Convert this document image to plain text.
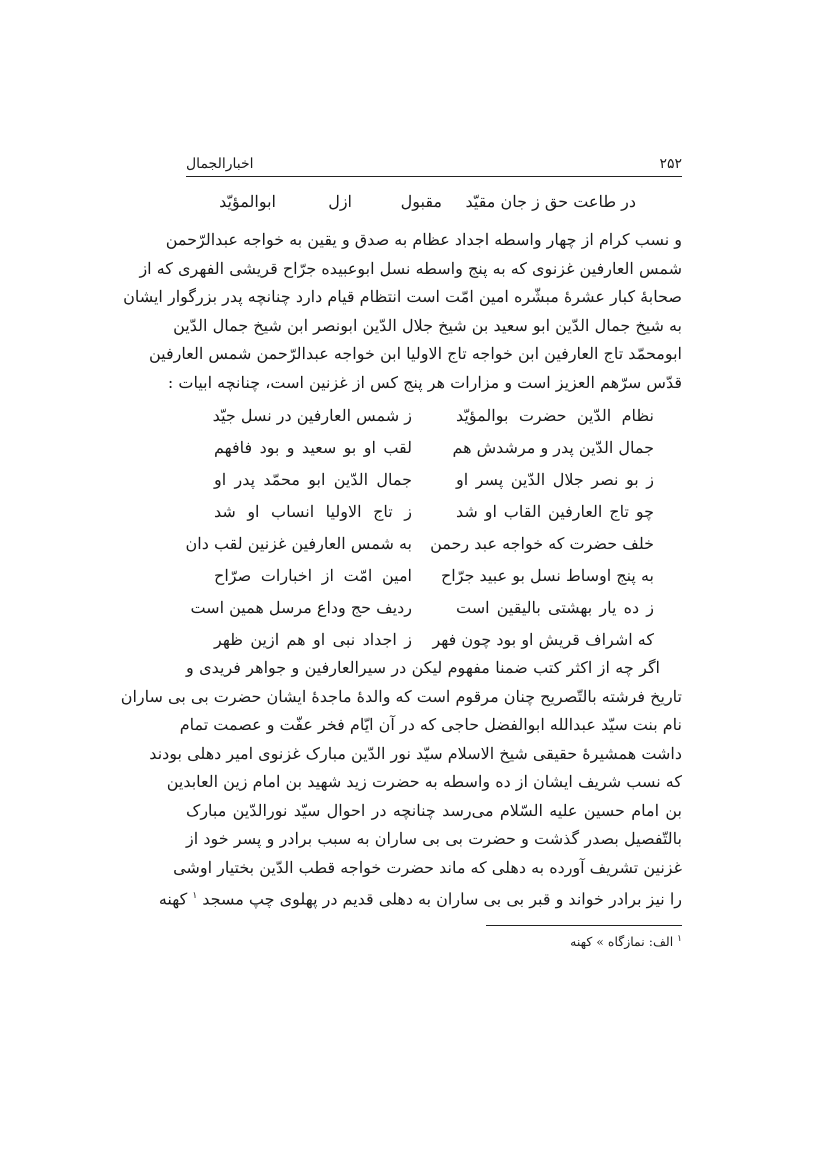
۲۵۲
اخبارالجمال
در طاعت حق ز جان مقیّد
مقبول
ازل
ابوالمؤیّد
و نسب کرام از چهار واسطه اجداد عظام به صدق و یقین به خواجه عبدالرّحمن
شمس العارفین غزنوی که به پنج واسطه نسل ابوعبیده جرّاح قریشی الفهری که از
صحابهٔ کبار عشرهٔ مبشّره امین امّت است انتظام قیام دارد چنانچه پدر بزرگوار ایشان
به شیخ جمال الدّین ابو سعید بن شیخ جلال الدّین ابونصر ابن شیخ جمال الدّین
ابومحمّد تاج العارفین ابن خواجه تاج الاولیا ابن خواجه عبدالرّحمن شمس العارفین
قدّس سرّهم العزیز است و مزارات هر پنج کس از غزنین است، چنانچه ابیات :
نظام الدّین حضرت بوالمؤیّد
ز شمس العارفین در نسل جیّد
جمال الدّین پدر و مرشدش هم
لقب او بو سعید و بود فافهم
ز بو نصر جلال الدّین پسر او
جمال الدّین ابو محمّد پدر او
چو تاج العارفین القاب او شد
ز تاج الاولیا انساب او شد
خلف حضرت که خواجه عبد رحمن
به شمس العارفین غزنین لقب دان
به پنج اوساط نسل بو عبید جرّاح
امین امّت از اخبارات صرّاح
ز ده یار بهشتی بالیقین است
ردیف حج وداع مرسل همین است
که اشراف قریش او بود چون فهر
ز اجداد نبی او هم ازین ظهر
اگر چه از اکثر کتب ضمنا مفهوم لیکن در سیرالعارفین و جواهر فریدی و
تاریخ فرشته بالتّصریح چنان مرقوم است که والدهٔ ماجدهٔ ایشان حضرت بی بی ساران
نام بنت سیّد عبدالله ابوالفضل حاجی که در آن ایّام فخر عفّت و عصمت تمام
داشت همشیرهٔ حقیقی شیخ الاسلام سیّد نور الدّین مبارک غزنوی امیر دهلی بودند
که نسب شریف ایشان از ده واسطه به حضرت زید شهید بن امام زین العابدین
بن امام حسین علیه السّلام می‌رسد چنانچه در احوال سیّد نورالدّین مبارک
بالتّفصیل بصدر گذشت و حضرت بی بی ساران به سبب برادر و پسر خود از
غزنین تشریف آورده به دهلی که ماند حضرت خواجه قطب الدّین بختیار اوشی
را نیز برادر خواند و قبر بی بی ساران به دهلی قدیم در پهلوی چپ مسجد $^۱$ کهنه
$^۱$ الف: نمازگاه » کهنه
